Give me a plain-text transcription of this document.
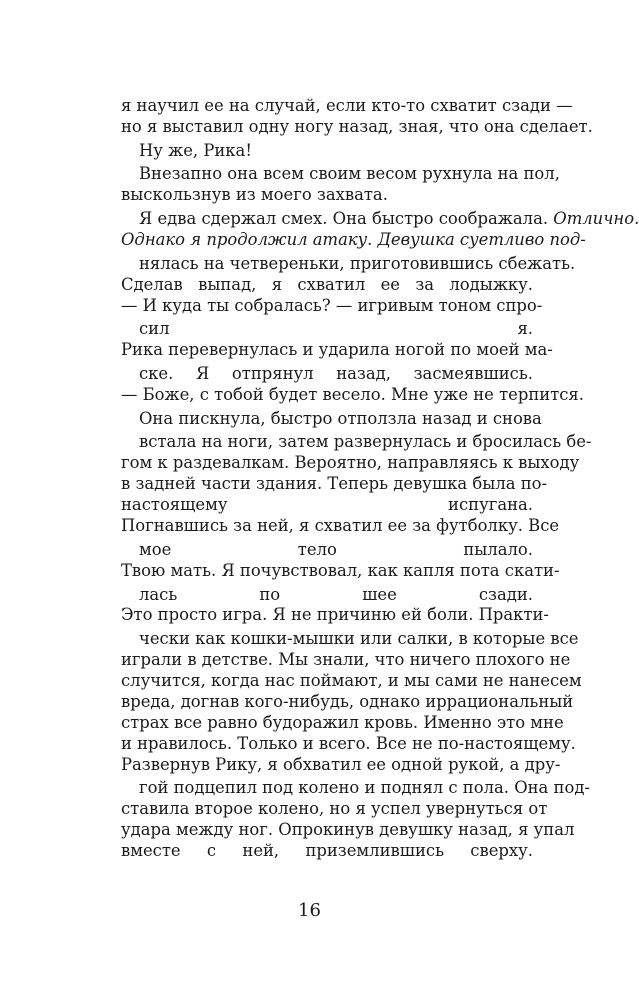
я научил ее на случай, если кто-то схватит сзади —
но я выставил одну ногу назад, зная, что она сделает.
Ну же, Рика!
Внезапно она всем своим весом рухнула на пол,
выскользнув из моего захвата.
Я едва сдержал смех. Она быстро соображала. Отлично.
Однако я продолжил атаку. Девушка суетливо под-
нялась на четвереньки, приготовившись сбежать.
Сделав выпад, я схватил ее за лодыжку.
— И куда ты собралась? — игривым тоном спро-
сил я.
Рика перевернулась и ударила ногой по моей ма-
ске. Я отпрянул назад, засмеявшись.
— Боже, с тобой будет весело. Мне уже не терпится.
Она пискнула, быстро отползла назад и снова
встала на ноги, затем развернулась и бросилась бе-
гом к раздевалкам. Вероятно, направляясь к выходу
в задней части здания. Теперь девушка была по-
настоящему испугана.
Погнавшись за ней, я схватил ее за футболку. Все
мое тело пылало.
Твою мать. Я почувствовал, как капля пота скати-
лась по шее сзади.
Это просто игра. Я не причиню ей боли. Практи-
чески как кошки-мышки или салки, в которые все
играли в детстве. Мы знали, что ничего плохого не
случится, когда нас поймают, и мы сами не нанесем
вреда, догнав кого-нибудь, однако иррациональный
страх все равно будоражил кровь. Именно это мне
и нравилось. Только и всего. Все не по-настоящему.
Развернув Рику, я обхватил ее одной рукой, а дру-
гой подцепил под колено и поднял с пола. Она под-
ставила второе колено, но я успел увернуться от
удара между ног. Опрокинув девушку назад, я упал
вместе с ней, приземлившись сверху.
16
